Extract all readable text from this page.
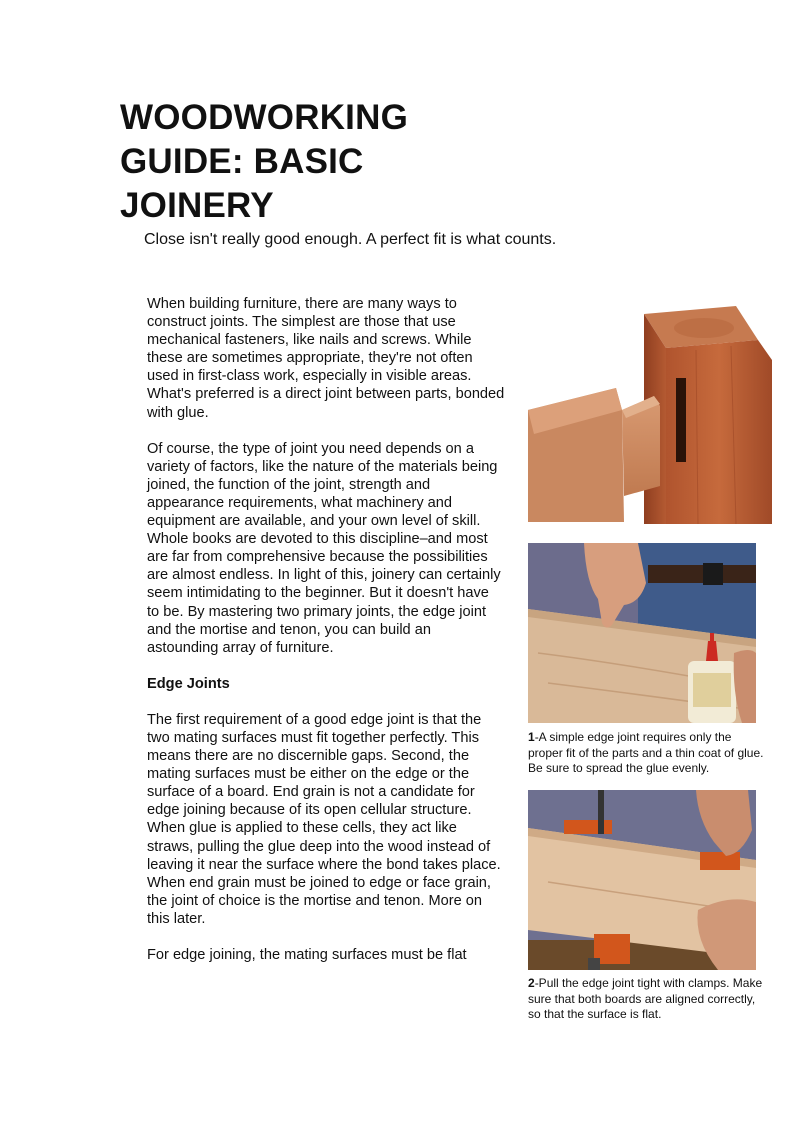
WOODWORKING GUIDE: BASIC JOINERY

Close isn't really good enough. A perfect fit is what counts.

When building furniture, there are many ways to construct joints. The simplest are those that use mechanical fasteners, like nails and screws. While these are sometimes appropriate, they're not often used in first-class work, especially in visible areas. What's preferred is a direct joint between parts, bonded with glue.

Of course, the type of joint you need depends on a variety of factors, like the nature of the materials being joined, the function of the joint, strength and appearance requirements, what machinery and equipment are available, and your own level of skill. Whole books are devoted to this discipline–and most are far from comprehensive because the possibilities are almost endless. In light of this, joinery can certainly seem intimidating to the beginner. But it doesn't have to be. By mastering two primary joints, the edge joint and the mortise and tenon, you can build an astounding array of furniture.

Edge Joints

The first requirement of a good edge joint is that the two mating surfaces must fit together perfectly. This means there are no discernible gaps. Second, the mating surfaces must be either on the edge or the surface of a board. End grain is not a candidate for edge joining because of its open cellular structure. When glue is applied to these cells, they act like straws, pulling the glue deep into the wood instead of leaving it near the surface where the bond takes place. When end grain must be joined to edge or face grain, the joint of choice is the mortise and tenon. More on this later.

For edge joining, the mating surfaces must be flat

1-A simple edge joint requires only the proper fit of the parts and a thin coat of glue. Be sure to spread the glue evenly.

2-Pull the edge joint tight with clamps. Make sure that both boards are aligned correctly, so that the surface is flat.
